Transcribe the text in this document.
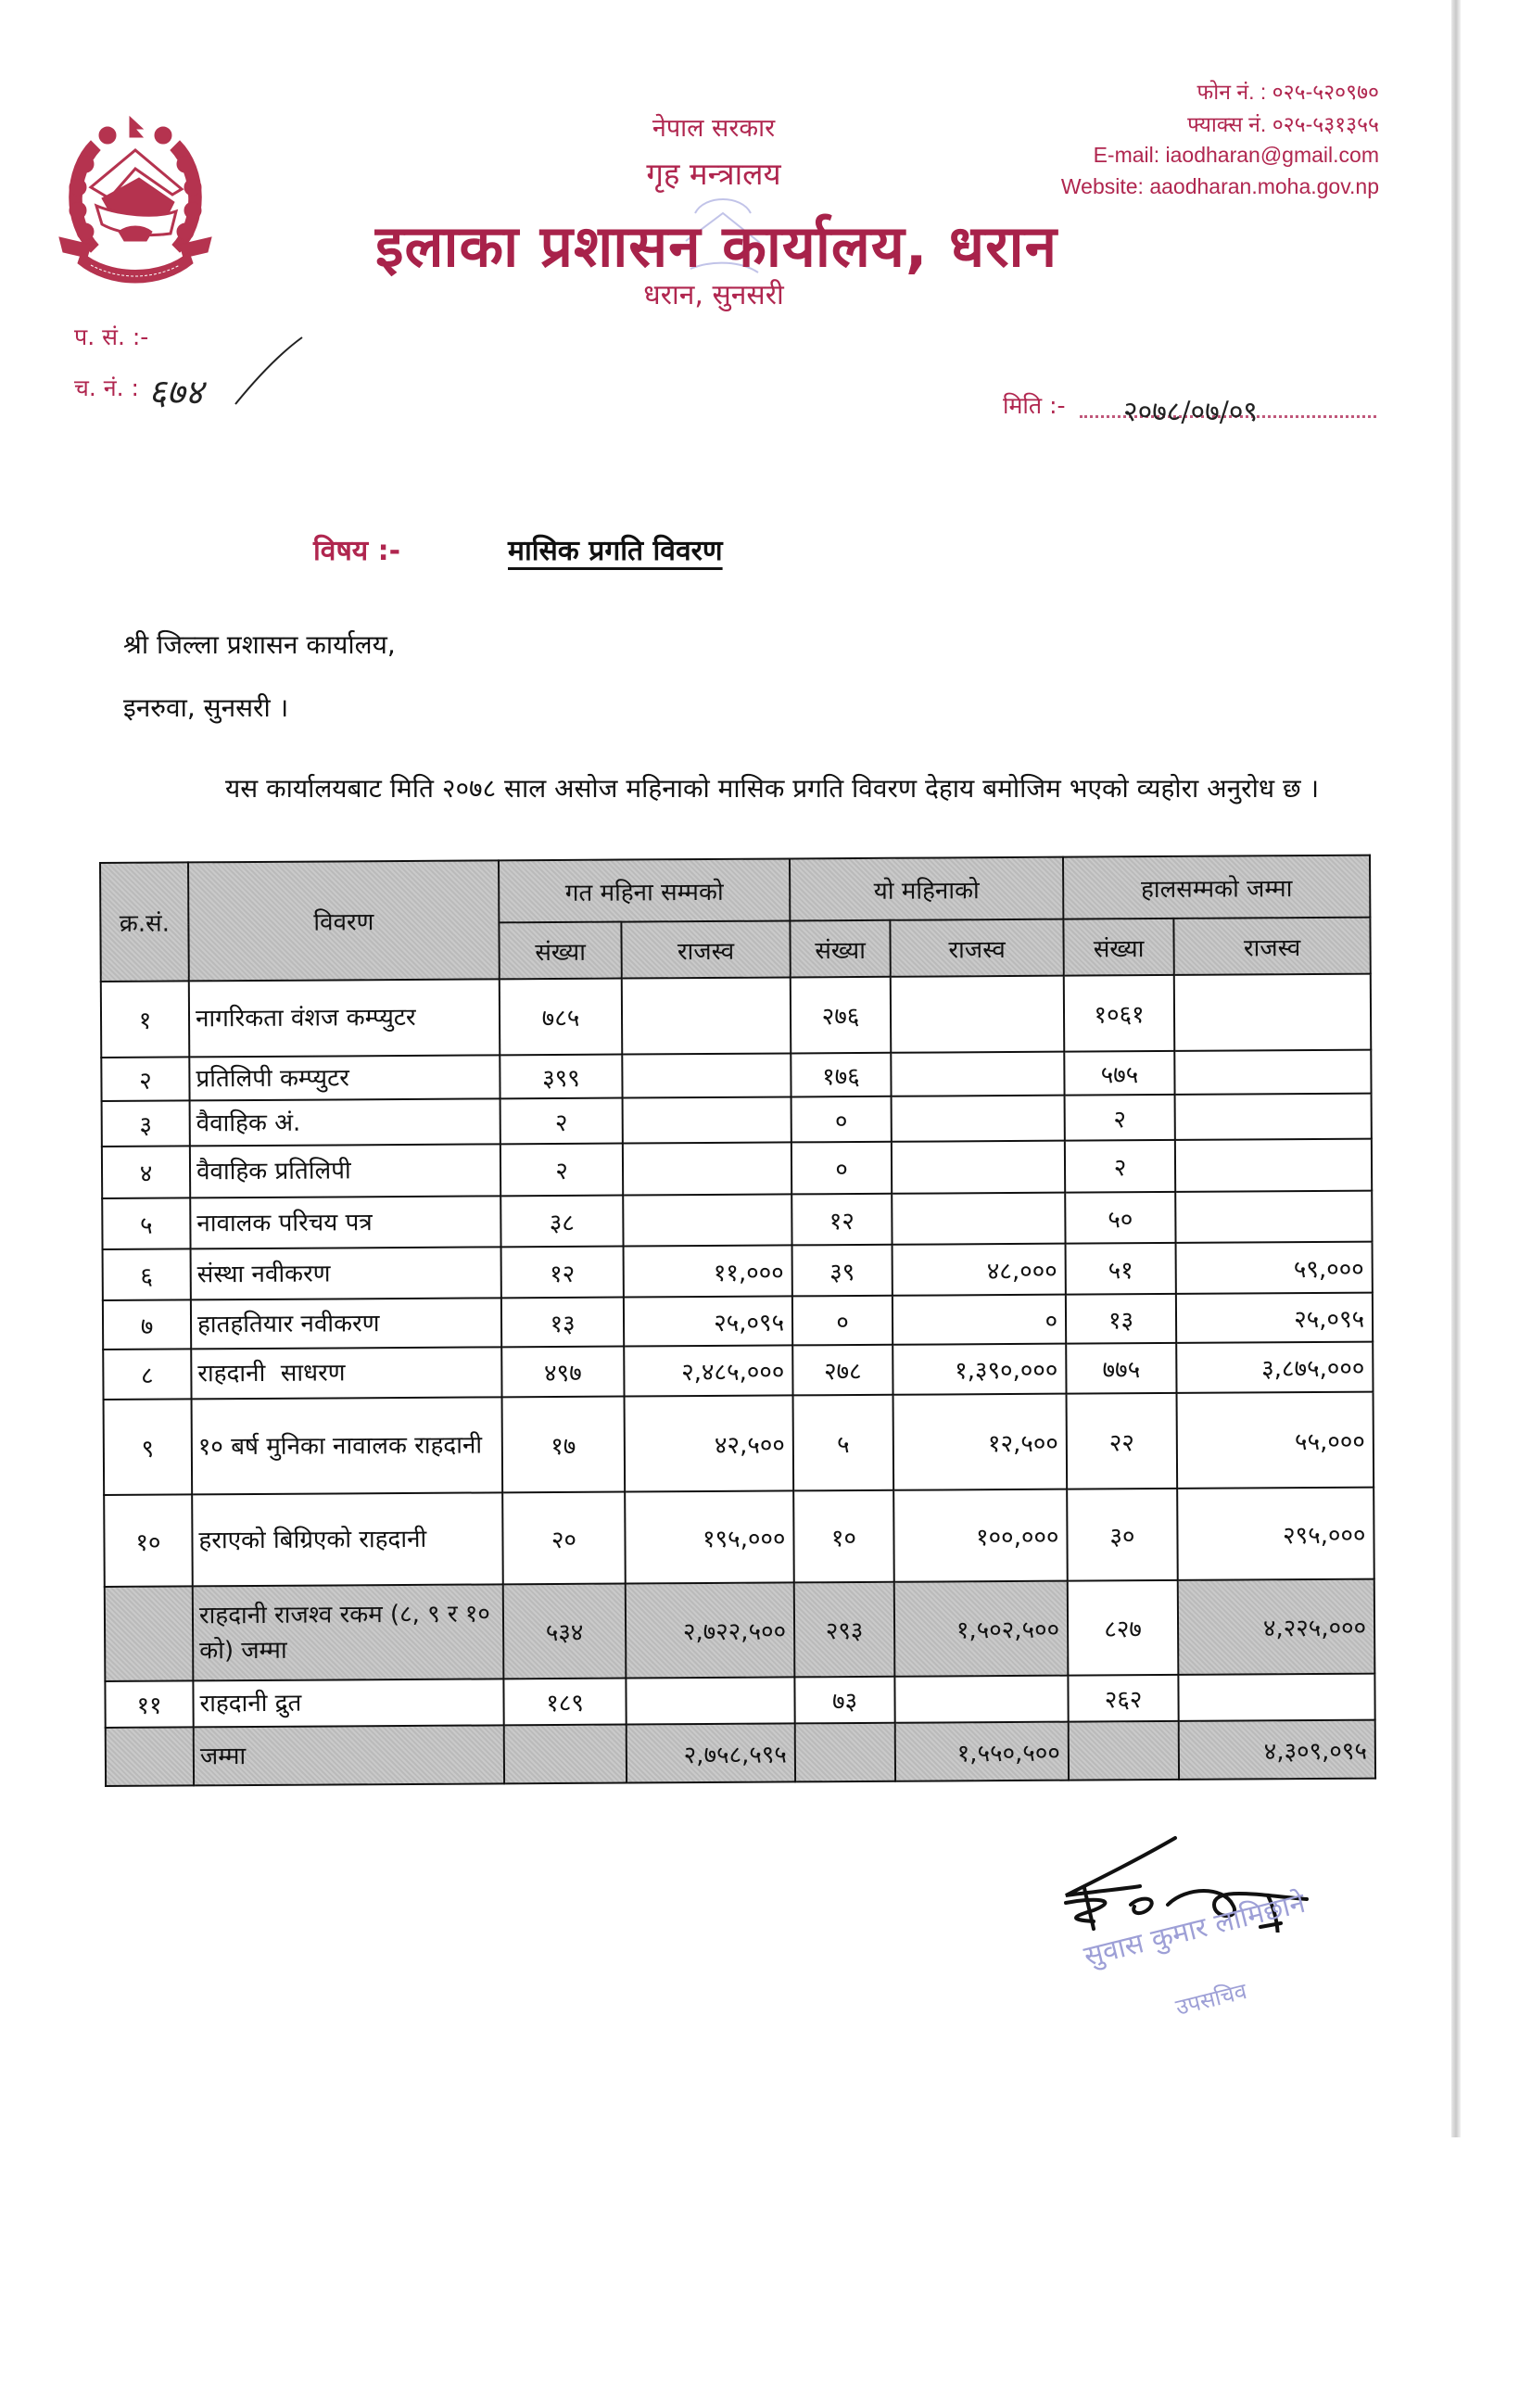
नेपाल सरकार
गृह मन्त्रालय
इलाका प्रशासन कार्यालय, धरान
धरान, सुनसरी
फोन नं. : ०२५-५२०९७०
फ्याक्स नं. ०२५-५३१३५५
E-mail: iaodharan@gmail.com
Website: aaodharan.moha.gov.np
प. सं. :-
च. नं. : ६७४	मिति :- २०७८/०७/०९
विषय :-	मासिक प्रगति विवरण
श्री जिल्ला प्रशासन कार्यालय,
इनरुवा, सुनसरी ।
यस कार्यालयबाट मिति २०७८ साल असोज महिनाको मासिक प्रगति विवरण देहाय बमोजिम भएको व्यहोरा अनुरोध छ ।
क्र.सं.	विवरण	गत महिना सम्मको		यो महिनाको		हालसम्मको जम्मा	
		संख्या	राजस्व	संख्या	राजस्व	संख्या	राजस्व
१	नागरिकता वंशज कम्प्युटर	७८५		२७६		१०६१	
२	प्रतिलिपी कम्प्युटर	३९९		१७६		५७५	
३	वैवाहिक अं.	२		०		२	
४	वैवाहिक प्रतिलिपी	२		०		२	
५	नावालक परिचय पत्र	३८		१२		५०	
६	संस्था नवीकरण	१२	११,०००	३९	४८,०००	५१	५९,०००
७	हातहतियार नवीकरण	१३	२५,०९५	०	०	१३	२५,०९५
८	राहदानी  साधरण	४९७	२,४८५,०००	२७८	१,३९०,०००	७७५	३,८७५,०००
९	१० बर्ष मुनिका नावालक राहदानी	१७	४२,५००	५	१२,५००	२२	५५,०००
१०	हराएको बिग्रिएको राहदानी	२०	१९५,०००	१०	१००,०००	३०	२९५,०००
	राहदानी राजश्व रकम (८, ९ र १० को) जम्मा	५३४	२,७२२,५००	२९३	१,५०२,५००	८२७	४,२२५,०००
११	राहदानी द्रुत	१८९		७३		२६२	
	जम्मा		२,७५८,५९५		१,५५०,५००		४,३०९,०९५
सुवास कुमार लामिछाने
उपसचिव
